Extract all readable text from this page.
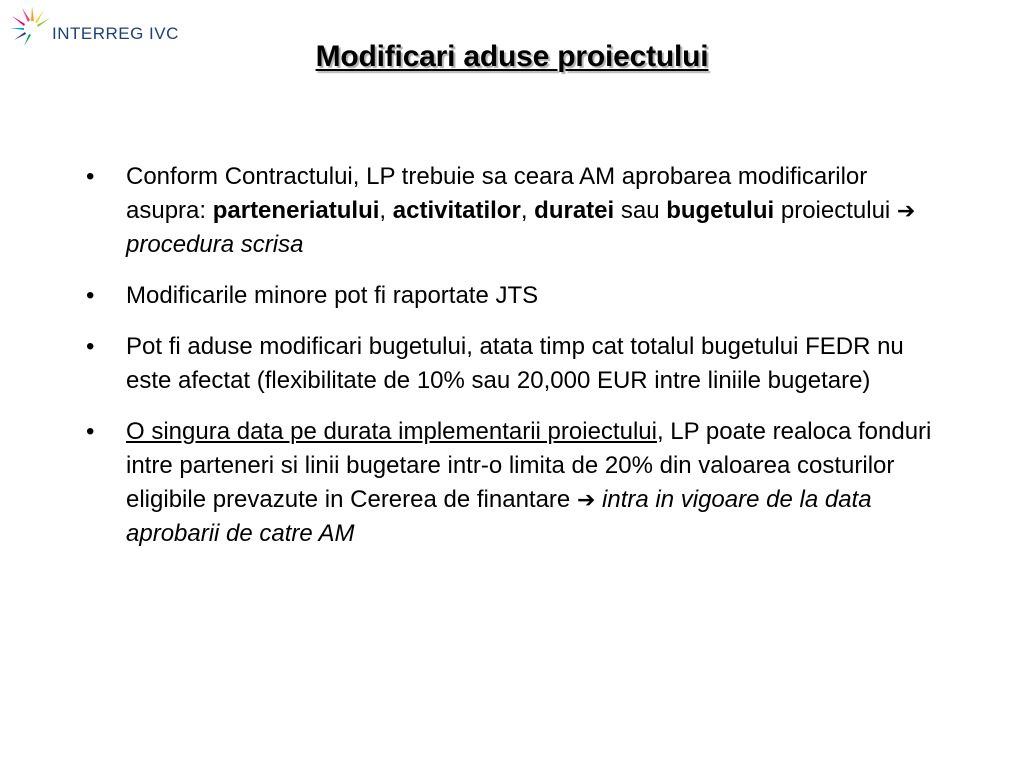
INTERREG IVC
Modificari aduse proiectului
• Conform Contractului, LP trebuie sa ceara AM aprobarea modificarilor asupra: parteneriatului, activitatilor, duratei sau bugetului proiectului ➔ procedura scrisa
• Modificarile minore pot fi raportate JTS
• Pot fi aduse modificari bugetului, atata timp cat totalul bugetului FEDR nu este afectat (flexibilitate de 10% sau 20,000 EUR intre liniile bugetare)
• O singura data pe durata implementarii proiectului, LP poate realoca fonduri intre parteneri si linii bugetare intr-o limita de 20% din valoarea costurilor eligibile prevazute in Cererea de finantare ➔ intra in vigoare de la data aprobarii de catre AM
